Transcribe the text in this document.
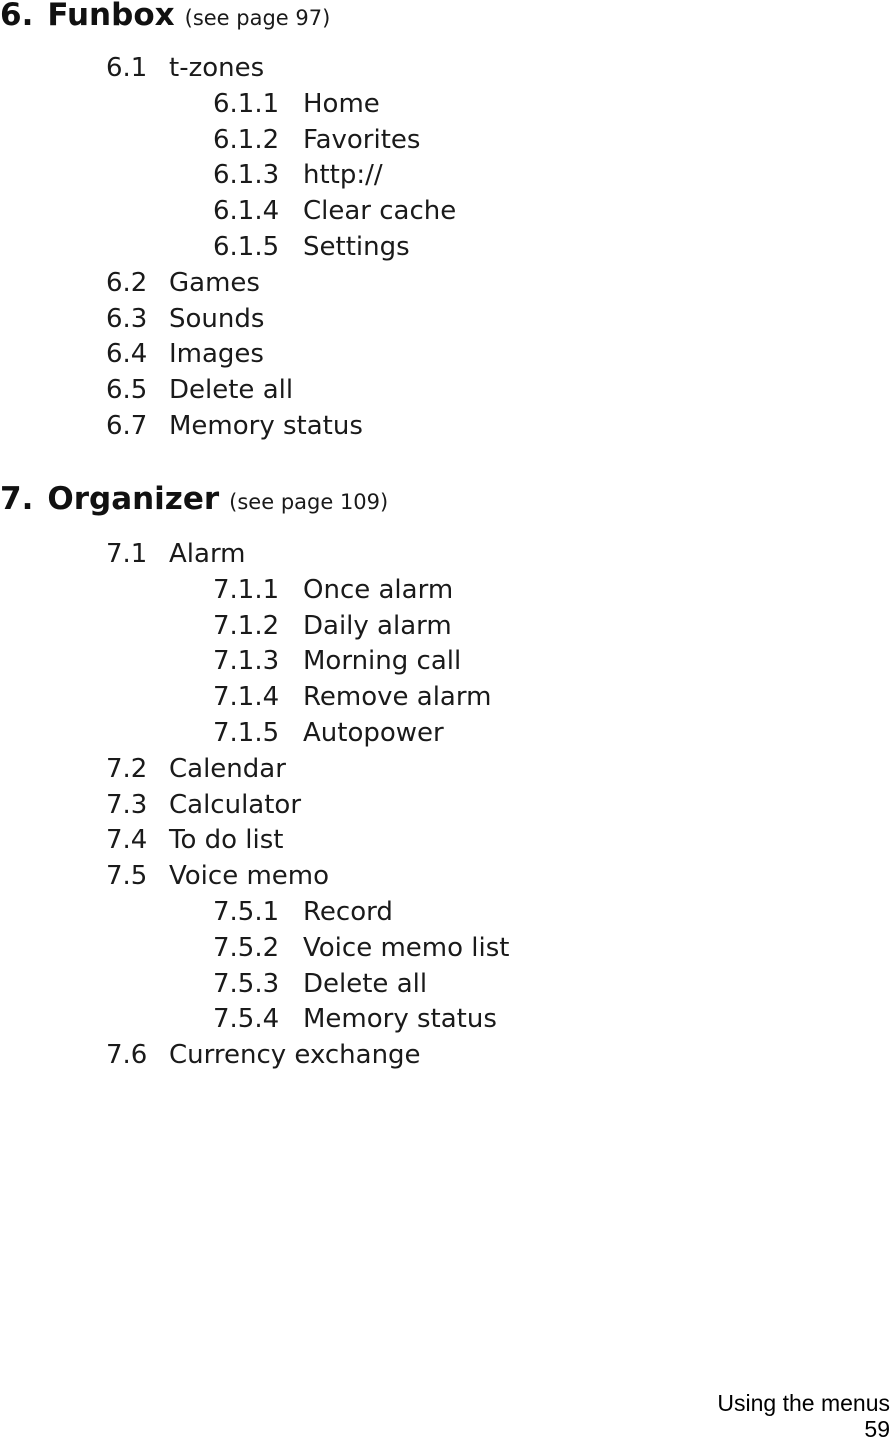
6. Funbox (see page 97)
6.1 t-zones
6.1.1 Home
6.1.2 Favorites
6.1.3 http://
6.1.4 Clear cache
6.1.5 Settings
6.2 Games
6.3 Sounds
6.4 Images
6.5 Delete all
6.7 Memory status
7. Organizer (see page 109)
7.1 Alarm
7.1.1 Once alarm
7.1.2 Daily alarm
7.1.3 Morning call
7.1.4 Remove alarm
7.1.5 Autopower
7.2 Calendar
7.3 Calculator
7.4 To do list
7.5 Voice memo
7.5.1 Record
7.5.2 Voice memo list
7.5.3 Delete all
7.5.4 Memory status
7.6 Currency exchange
Using the menus
59
